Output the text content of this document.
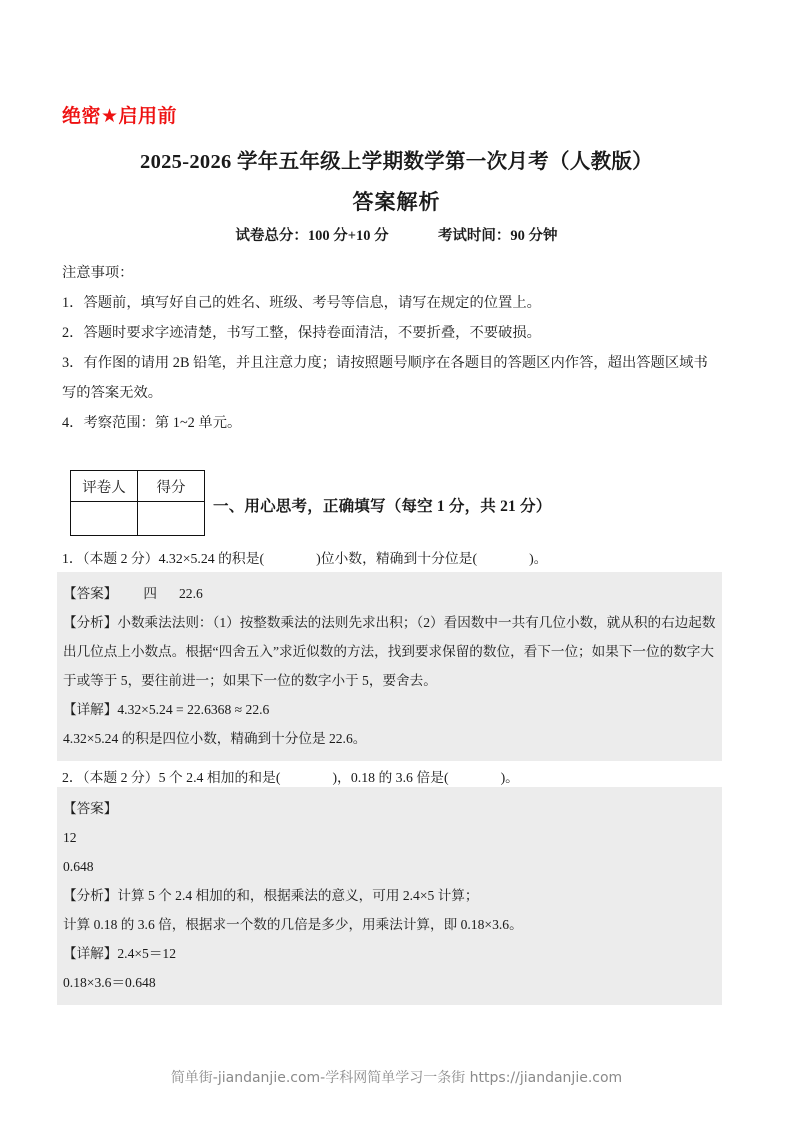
绝密★启用前
2025-2026 学年五年级上学期数学第一次月考（人教版）
答案解析
试卷总分：100 分+10 分	考试时间：90 分钟
注意事项：
1．答题前，填写好自己的姓名、班级、考号等信息，请写在规定的位置上。
2．答题时要求字迹清楚，书写工整，保持卷面清洁，不要折叠，不要破损。
3．有作图的请用 2B 铅笔，并且注意力度；请按照题号顺序在各题目的答题区内作答，超出答题区域书写的答案无效。
4．考察范围：第 1~2 单元。
评卷人	得分

一、用心思考，正确填写（每空 1 分，共 21 分）
1．（本题 2 分）4.32×5.24 的积是(	)位小数，精确到十分位是(	)。
【答案】 四 22.6
【分析】小数乘法法则：（1）按整数乘法的法则先求出积；（2）看因数中一共有几位小数，就从积的右边起数出几位点上小数点。根据“四舍五入”求近似数的方法，找到要求保留的数位，看下一位；如果下一位的数字大于或等于 5，要往前进一；如果下一位的数字小于 5，要舍去。
【详解】4.32×5.24 = 22.6368 ≈ 22.6
4.32×5.24 的积是四位小数，精确到十分位是 22.6。
2．（本题 2 分）5 个 2.4 相加的和是(	)，0.18 的 3.6 倍是(	)。
【答案】
12
0.648
【分析】计算 5 个 2.4 相加的和，根据乘法的意义，可用 2.4×5 计算；
计算 0.18 的 3.6 倍，根据求一个数的几倍是多少，用乘法计算，即 0.18×3.6。
【详解】2.4×5＝12
0.18×3.6＝0.648
简单街-jiandanjie.com-学科网简单学习一条街 https://jiandanjie.com
